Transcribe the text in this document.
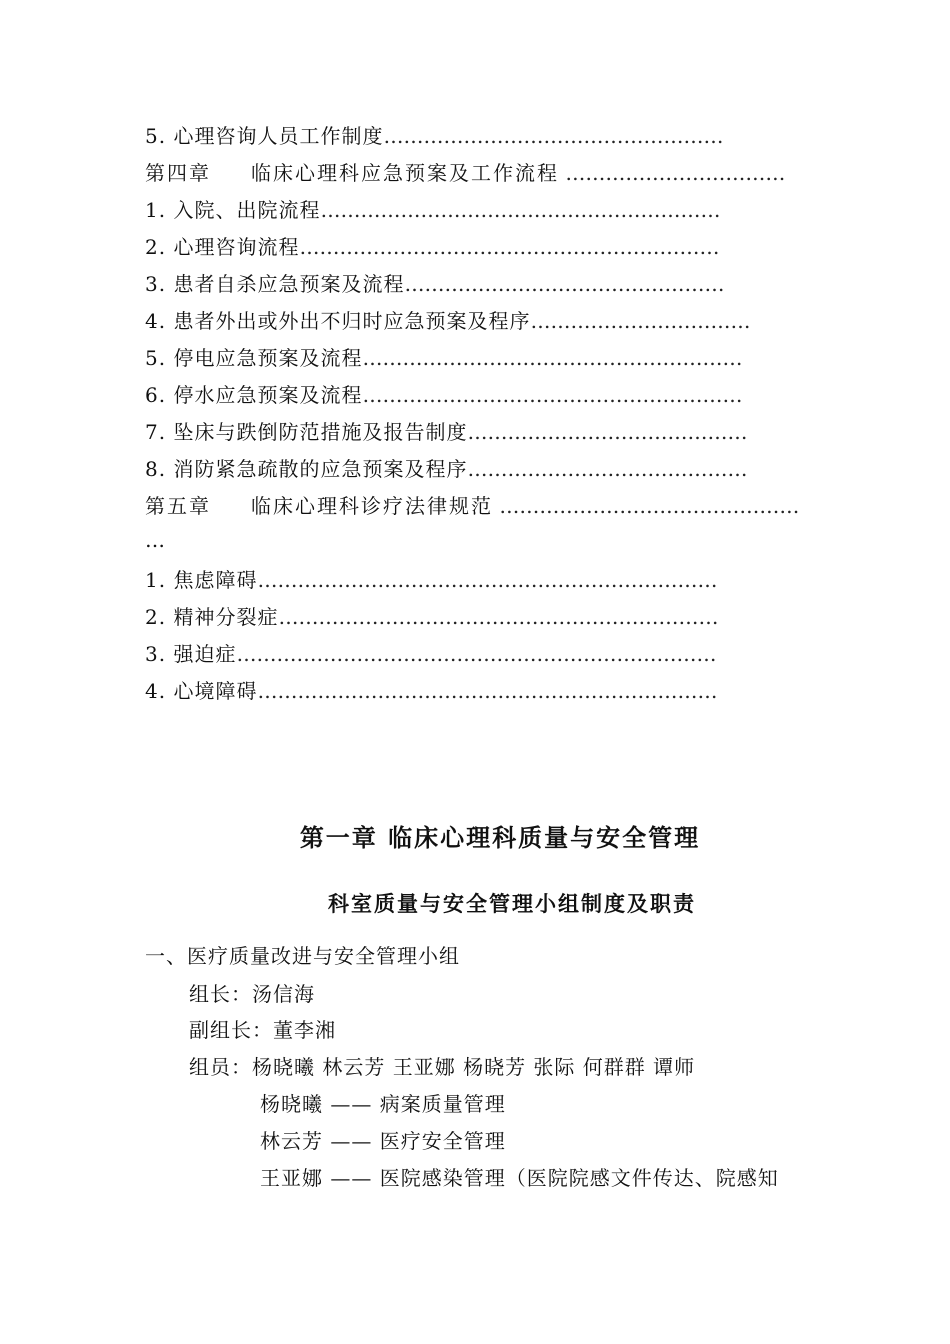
5. 心理咨询人员工作制度……………………………………………
第四章 临床心理科应急预案及工作流程 ……………………………
1. 入院、出院流程……………………………………………………
2. 心理咨询流程………………………………………………………
3. 患者自杀应急预案及流程…………………………………………
4. 患者外出或外出不归时应急预案及程序……………………………
5. 停电应急预案及流程…………………………………………………
6. 停水应急预案及流程…………………………………………………
7. 坠床与跌倒防范措施及报告制度……………………………………
8. 消防紧急疏散的应急预案及程序……………………………………
第五章 临床心理科诊疗法律规范 ………………………………………
…
1. 焦虑障碍……………………………………………………………
2. 精神分裂症…………………………………………………………
3. 强迫症………………………………………………………………
4. 心境障碍……………………………………………………………
第一章 临床心理科质量与安全管理
科室质量与安全管理小组制度及职责
一、医疗质量改进与安全管理小组
组长：汤信海
副组长：董李湘
组员：杨晓曦 林云芳 王亚娜 杨晓芳 张际 何群群 谭师
杨晓曦 —— 病案质量管理
林云芳 —— 医疗安全管理
王亚娜 —— 医院感染管理（医院院感文件传达、院感知
